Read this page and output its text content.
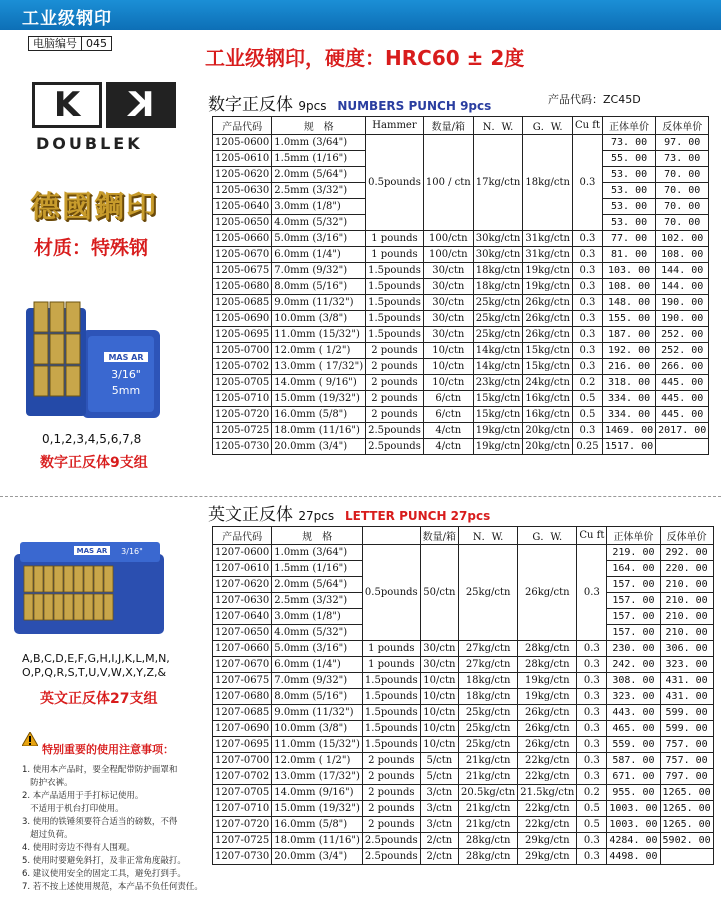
工业级钢印
电脑编号 045
工业级钢印，硬度：HRC60 ± 2度
K K
DOUBLEK
德國鋼印
材质：特殊钢
MAS AR
3/16"
5mm
0,1,2,3,4,5,6,7,8
数字正反体9支组
MAS AR 3/16"
A,B,C,D,E,F,G,H,I,J,K,L,M,N,
O,P,Q,R,S,T,U,V,W,X,Y,Z,&
英文正反体27支组
特别重要的使用注意事项：
1. 使用本产品时，要全程配带防护面罩和
防护衣裤。
2. 本产品适用于手打标记使用。
不适用于机台打印使用。
3. 使用的铁锤须要符合适当的磅数，不得
超过负荷。
4. 使用时旁边不得有人围观。
5. 使用时要避免斜打，及非正常角度敲打。
6. 建议使用安全的固定工具，避免打到手。
7. 若不按上述使用规范，本产品不负任何责任。
数字正反体 9pcs NUMBERS PUNCH 9pcs	产品代码：ZC45D
产品代码	规　格	Hammer	数量/箱	N．W.	G．W.	Cu ft	正体单价	反体单价
1205-0600	1.0mm (3/64")	0.5pounds	100 / ctn	17kg/ctn	18kg/ctn	0.3	73. 00	97. 00
1205-0610	1.5mm (1/16")						55. 00	73. 00
1205-0620	2.0mm (5/64")						53. 00	70. 00
1205-0630	2.5mm (3/32")						53. 00	70. 00
1205-0640	3.0mm (1/8")						53. 00	70. 00
1205-0650	4.0mm (5/32")						53. 00	70. 00
1205-0660	5.0mm (3/16")	1 pounds	100/ctn	30kg/ctn	31kg/ctn	0.3	77. 00	102. 00
1205-0670	6.0mm (1/4")	1 pounds	100/ctn	30kg/ctn	31kg/ctn	0.3	81. 00	108. 00
1205-0675	7.0mm (9/32")	1.5pounds	30/ctn	18kg/ctn	19kg/ctn	0.3	103. 00	144. 00
1205-0680	8.0mm (5/16")	1.5pounds	30/ctn	18kg/ctn	19kg/ctn	0.3	108. 00	144. 00
1205-0685	9.0mm (11/32")	1.5pounds	30/ctn	25kg/ctn	26kg/ctn	0.3	148. 00	190. 00
1205-0690	10.0mm (3/8")	1.5pounds	30/ctn	25kg/ctn	26kg/ctn	0.3	155. 00	190. 00
1205-0695	11.0mm (15/32")	1.5pounds	30/ctn	25kg/ctn	26kg/ctn	0.3	187. 00	252. 00
1205-0700	12.0mm ( 1/2")	2 pounds	10/ctn	14kg/ctn	15kg/ctn	0.3	192. 00	252. 00
1205-0702	13.0mm ( 17/32")	2 pounds	10/ctn	14kg/ctn	15kg/ctn	0.3	216. 00	266. 00
1205-0705	14.0mm ( 9/16")	2 pounds	10/ctn	23kg/ctn	24kg/ctn	0.2	318. 00	445. 00
1205-0710	15.0mm (19/32")	2 pounds	6/ctn	15kg/ctn	16kg/ctn	0.5	334. 00	445. 00
1205-0720	16.0mm (5/8")	2 pounds	6/ctn	15kg/ctn	16kg/ctn	0.5	334. 00	445. 00
1205-0725	18.0mm (11/16")	2.5pounds	4/ctn	19kg/ctn	20kg/ctn	0.3	1469. 00	2017. 00
1205-0730	20.0mm (3/4")	2.5pounds	4/ctn	19kg/ctn	20kg/ctn	0.25	1517. 00	
英文正反体 27pcs LETTER PUNCH 27pcs
产品代码	规　格		数量/箱	N．W.	G．W.	Cu ft	正体单价	反体单价
1207-0600	1.0mm (3/64")	0.5pounds	50/ctn	25kg/ctn	26kg/ctn	0.3	219. 00	292. 00
1207-0610	1.5mm (1/16")						164. 00	220. 00
1207-0620	2.0mm (5/64")						157. 00	210. 00
1207-0630	2.5mm (3/32")						157. 00	210. 00
1207-0640	3.0mm (1/8")						157. 00	210. 00
1207-0650	4.0mm (5/32")						157. 00	210. 00
1207-0660	5.0mm (3/16")	1 pounds	30/ctn	27kg/ctn	28kg/ctn	0.3	230. 00	306. 00
1207-0670	6.0mm (1/4")	1 pounds	30/ctn	27kg/ctn	28kg/ctn	0.3	242. 00	323. 00
1207-0675	7.0mm (9/32")	1.5pounds	10/ctn	18kg/ctn	19kg/ctn	0.3	308. 00	431. 00
1207-0680	8.0mm (5/16")	1.5pounds	10/ctn	18kg/ctn	19kg/ctn	0.3	323. 00	431. 00
1207-0685	9.0mm (11/32")	1.5pounds	10/ctn	25kg/ctn	26kg/ctn	0.3	443. 00	599. 00
1207-0690	10.0mm (3/8")	1.5pounds	10/ctn	25kg/ctn	26kg/ctn	0.3	465. 00	599. 00
1207-0695	11.0mm (15/32")	1.5pounds	10/ctn	25kg/ctn	26kg/ctn	0.3	559. 00	757. 00
1207-0700	12.0mm ( 1/2")	2 pounds	5/ctn	21kg/ctn	22kg/ctn	0.3	587. 00	757. 00
1207-0702	13.0mm (17/32")	2 pounds	5/ctn	21kg/ctn	22kg/ctn	0.3	671. 00	797. 00
1207-0705	14.0mm (9/16")	2 pounds	3/ctn	20.5kg/ctn	21.5kg/ctn	0.2	955. 00	1265. 00
1207-0710	15.0mm (19/32")	2 pounds	3/ctn	21kg/ctn	22kg/ctn	0.5	1003. 00	1265. 00
1207-0720	16.0mm (5/8")	2 pounds	3/ctn	21kg/ctn	22kg/ctn	0.5	1003. 00	1265. 00
1207-0725	18.0mm (11/16")	2.5pounds	2/ctn	28kg/ctn	29kg/ctn	0.3	4284. 00	5902. 00
1207-0730	20.0mm (3/4")	2.5pounds	2/ctn	28kg/ctn	29kg/ctn	0.3	4498. 00	
